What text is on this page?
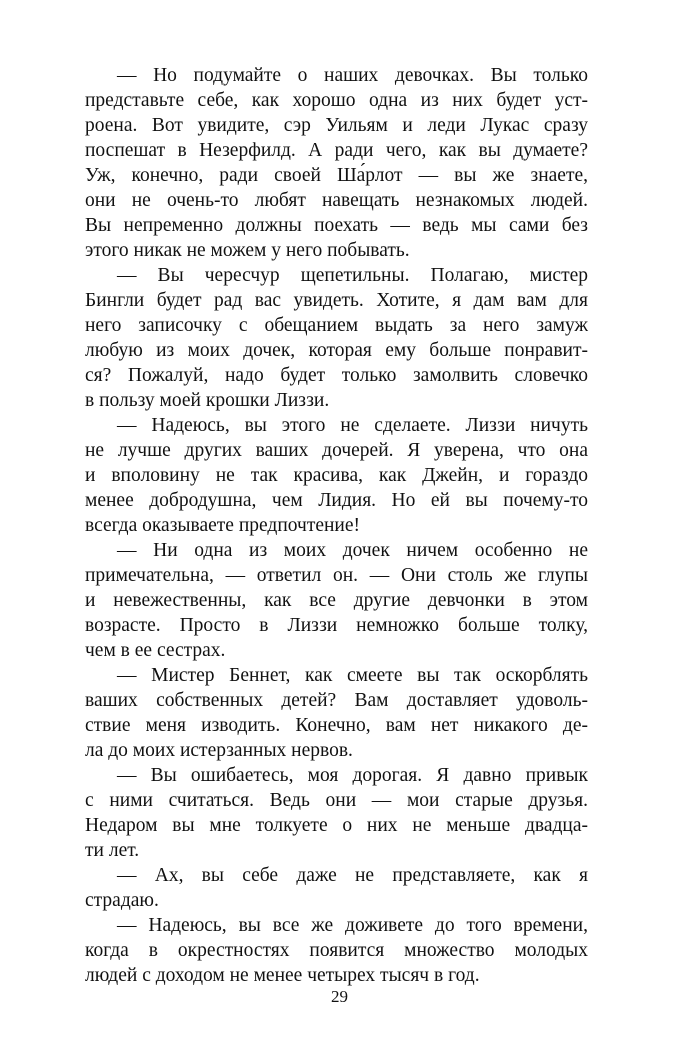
— Но подумайте о наших девочках. Вы только
представьте себе, как хорошо одна из них будет уст-
роена. Вот увидите, сэр Уильям и леди Лукас сразу
поспешат в Незерфилд. А ради чего, как вы думаете?
Уж, конечно, ради своей Ша́рлот — вы же знаете,
они не очень-то любят навещать незнакомых людей.
Вы непременно должны поехать — ведь мы сами без
этого никак не можем у него побывать.
— Вы чересчур щепетильны. Полагаю, мистер
Бингли будет рад вас увидеть. Хотите, я дам вам для
него записочку с обещанием выдать за него замуж
любую из моих дочек, которая ему больше понравит-
ся? Пожалуй, надо будет только замолвить словечко
в пользу моей крошки Лиззи.
— Надеюсь, вы этого не сделаете. Лиззи ничуть
не лучше других ваших дочерей. Я уверена, что она
и вполовину не так красива, как Джейн, и гораздо
менее добродушна, чем Лидия. Но ей вы почему-то
всегда оказываете предпочтение!
— Ни одна из моих дочек ничем особенно не
примечательна, — ответил он. — Они столь же глупы
и невежественны, как все другие девчонки в этом
возрасте. Просто в Лиззи немножко больше толку,
чем в ее сестрах.
— Мистер Беннет, как смеете вы так оскорблять
ваших собственных детей? Вам доставляет удоволь-
ствие меня изводить. Конечно, вам нет никакого де-
ла до моих истерзанных нервов.
— Вы ошибаетесь, моя дорогая. Я давно привык
с ними считаться. Ведь они — мои старые друзья.
Недаром вы мне толкуете о них не меньше двадца-
ти лет.
— Ах, вы себе даже не представляете, как я
страдаю.
— Надеюсь, вы все же доживете до того времени,
когда в окрестностях появится множество молодых
людей с доходом не менее четырех тысяч в год.
29
